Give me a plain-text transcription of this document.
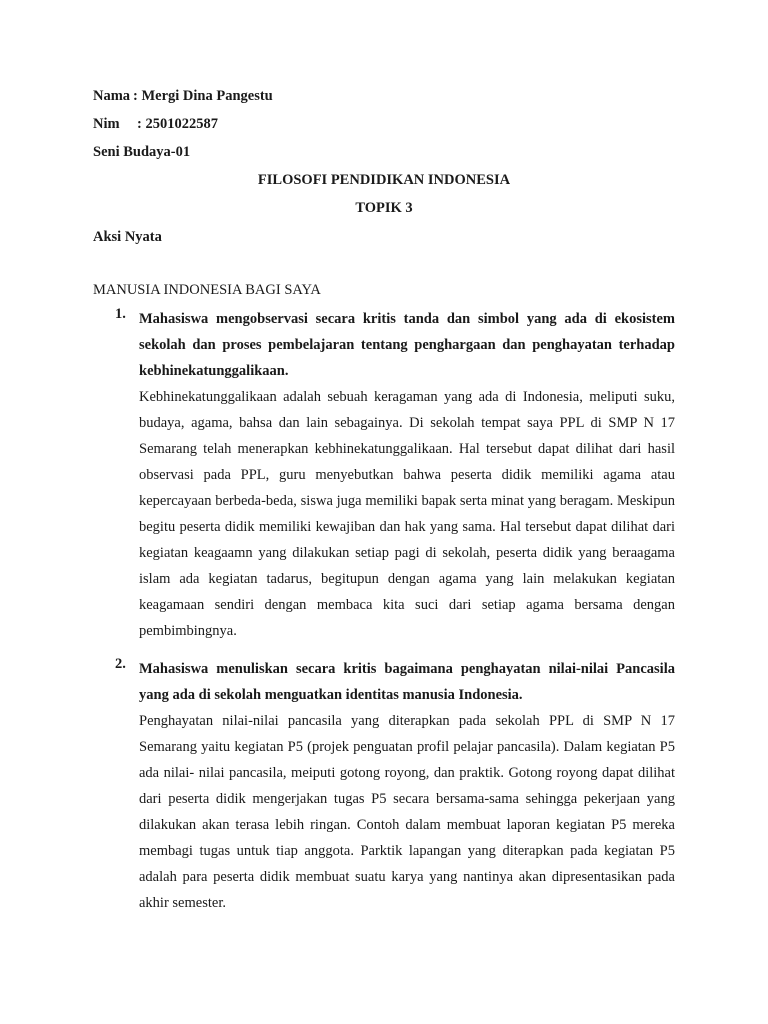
Nama : Mergi Dina Pangestu
Nim : 2501022587
Seni Budaya-01
FILOSOFI PENDIDIKAN INDONESIA
TOPIK 3
Aksi Nyata
MANUSIA INDONESIA BAGI SAYA
1. Mahasiswa mengobservasi secara kritis tanda dan simbol yang ada di ekosistem sekolah dan proses pembelajaran tentang penghargaan dan penghayatan terhadap kebhinekatunggalikaan.
Kebhinekatunggalikaan adalah sebuah keragaman yang ada di Indonesia, meliputi suku, budaya, agama, bahsa dan lain sebagainya. Di sekolah tempat saya PPL di SMP N 17 Semarang telah menerapkan kebhinekatunggalikaan. Hal tersebut dapat dilihat dari hasil observasi pada PPL, guru menyebutkan bahwa peserta didik memiliki agama atau kepercayaan berbeda-beda, siswa juga memiliki bapak serta minat yang beragam. Meskipun begitu peserta didik memiliki kewajiban dan hak yang sama. Hal tersebut dapat dilihat dari kegiatan keagaamn yang dilakukan setiap pagi di sekolah, peserta didik yang beraagama islam ada kegiatan tadarus, begitupun dengan agama yang lain melakukan kegiatan keagamaan sendiri dengan membaca kita suci dari setiap agama bersama dengan pembimbingnya.
2. Mahasiswa menuliskan secara kritis bagaimana penghayatan nilai-nilai Pancasila yang ada di sekolah menguatkan identitas manusia Indonesia.
Penghayatan nilai-nilai pancasila yang diterapkan pada sekolah PPL di SMP N 17 Semarang yaitu kegiatan P5 (projek penguatan profil pelajar pancasila). Dalam kegiatan P5 ada nilai- nilai pancasila, meiputi gotong royong, dan praktik. Gotong royong dapat dilihat dari peserta didik mengerjakan tugas P5 secara bersama-sama sehingga pekerjaan yang dilakukan akan terasa lebih ringan. Contoh dalam membuat laporan kegiatan P5 mereka membagi tugas untuk tiap anggota. Parktik lapangan yang diterapkan pada kegiatan P5 adalah para peserta didik membuat suatu karya yang nantinya akan dipresentasikan pada akhir semester.
